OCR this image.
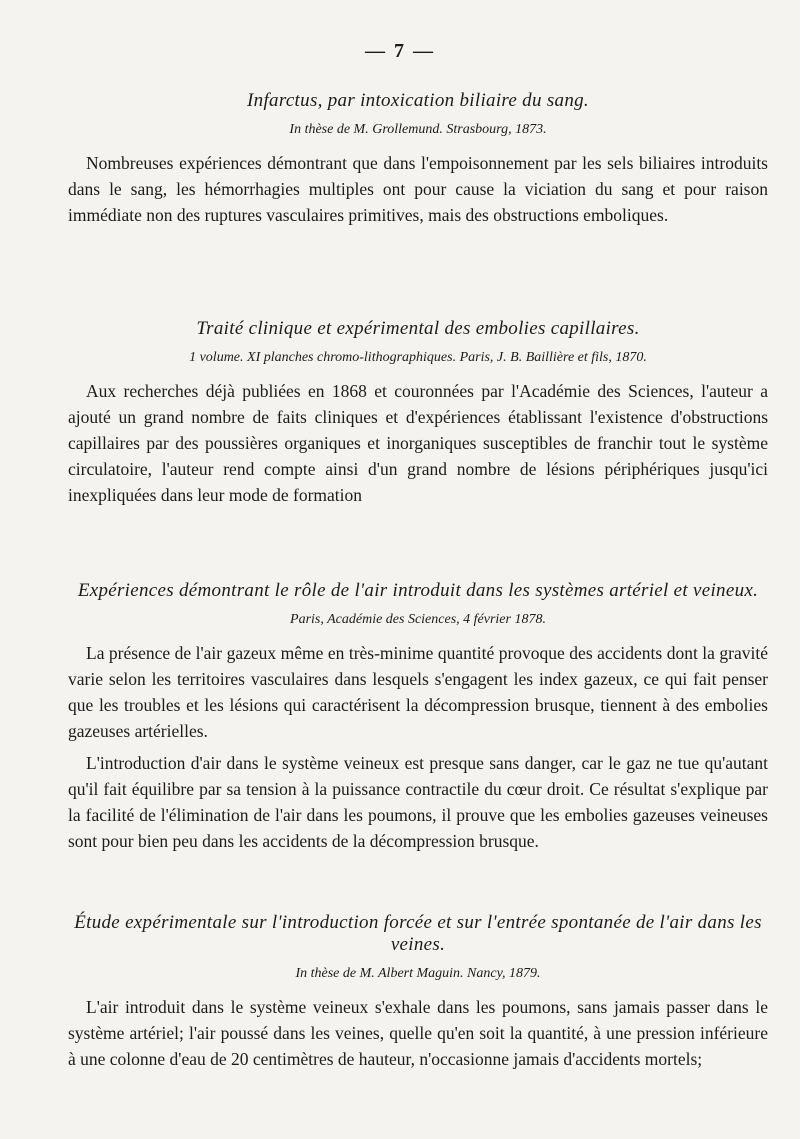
— 7 —

Infarctus, par intoxication biliaire du sang.

In thèse de M. Grollemund. Strasbourg, 1873.

Nombreuses expériences démontrant que dans l'empoisonnement par les sels biliaires introduits dans le sang, les hémorrhagies multiples ont pour cause la viciation du sang et pour raison immédiate non des ruptures vasculaires primitives, mais des obstructions emboliques.

Traité clinique et expérimental des embolies capillaires.

1 volume. XI planches chromo-lithographiques. Paris, J. B. Baillière et fils, 1870.

Aux recherches déjà publiées en 1868 et couronnées par l'Académie des Sciences, l'auteur a ajouté un grand nombre de faits cliniques et d'expériences établissant l'existence d'obstructions capillaires par des poussières organiques et inorganiques susceptibles de franchir tout le système circulatoire, l'auteur rend compte ainsi d'un grand nombre de lésions périphériques jusqu'ici inexpliquées dans leur mode de formation

Expériences démontrant le rôle de l'air introduit dans les systèmes artériel et veineux.

Paris, Académie des Sciences, 4 février 1878.

La présence de l'air gazeux même en très-minime quantité provoque des accidents dont la gravité varie selon les territoires vasculaires dans lesquels s'engagent les index gazeux, ce qui fait penser que les troubles et les lésions qui caractérisent la décompression brusque, tiennent à des embolies gazeuses artérielles.

L'introduction d'air dans le système veineux est presque sans danger, car le gaz ne tue qu'autant qu'il fait équilibre par sa tension à la puissance contractile du cœur droit. Ce résultat s'explique par la facilité de l'élimination de l'air dans les poumons, il prouve que les embolies gazeuses veineuses sont pour bien peu dans les accidents de la décompression brusque.

Étude expérimentale sur l'introduction forcée et sur l'entrée spontanée de l'air dans les veines.

In thèse de M. Albert Maguin. Nancy, 1879.

L'air introduit dans le système veineux s'exhale dans les poumons, sans jamais passer dans le système artériel; l'air poussé dans les veines, quelle qu'en soit la quantité, à une pression inférieure à une colonne d'eau de 20 centimètres de hauteur, n'occasionne jamais d'accidents mortels;
